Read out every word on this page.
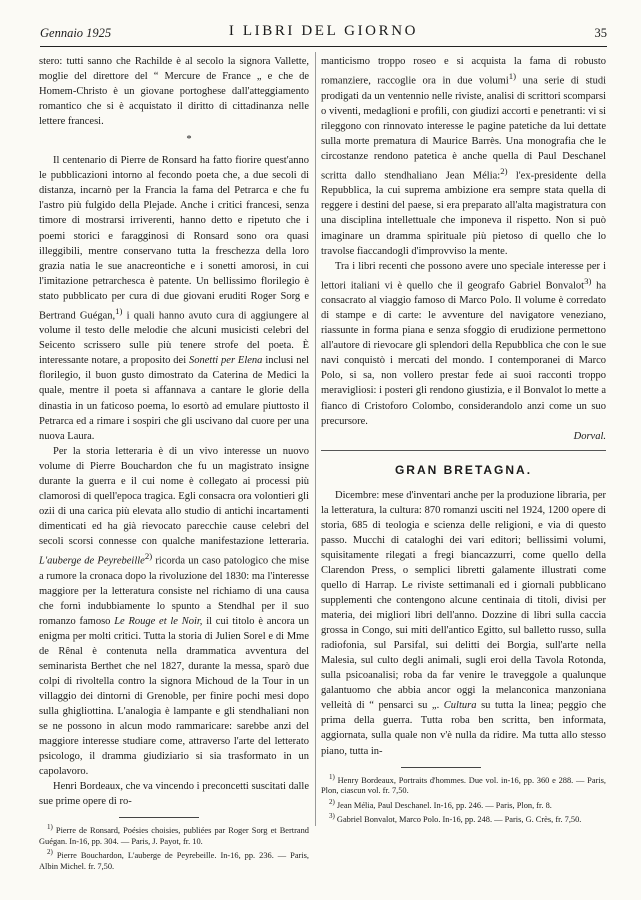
Gennaio 1925	I LIBRI DEL GIORNO	35

stero: tutti sanno che Rachilde è al secolo la signora Vallette, moglie del direttore del “ Mercure de France „ e che de Homem-Christo è un giovane portoghese dall'atteggiamento romantico che si è acquistato il diritto di cittadinanza nelle lettere francesi.

*

Il centenario di Pierre de Ronsard ha fatto fiorire quest'anno le pubblicazioni intorno al fecondo poeta che, a due secoli di distanza, incarnò per la Francia la fama del Petrarca e che fu l'astro più fulgido della Plejade. Anche i critici francesi, senza timore di mostrarsi irriverenti, hanno detto e ripetuto che i poemi storici e faragginosi di Ronsard sono ora quasi illeggibili, mentre conservano tutta la freschezza della loro grazia natia le sue anacreontiche e i sonetti amorosi, in cui l'imitazione petrarchesca è patente. Un bellissimo florilegio è stato pubblicato per cura di due giovani eruditi Roger Sorg e Bertrand Guégan,$^{1)}$ i quali hanno avuto cura di aggiungere al volume il testo delle melodie che alcuni musicisti celebri del Seicento scrissero sulle più tenere strofe del poeta. È interessante notare, a proposito dei Sonetti per Elena inclusi nel florilegio, il buon gusto dimostrato da Caterina de Medici la quale, mentre il poeta si affannava a cantare le glorie della dinastia in un faticoso poema, lo esortò ad emulare piuttosto il Petrarca ed a rimare i sospiri che gli uscivano dal cuore per una nuova Laura.

Per la storia letteraria è di un vivo interesse un nuovo volume di Pierre Bouchardon che fu un magistrato insigne durante la guerra e il cui nome è collegato ai processi più clamorosi di quell'epoca tragica. Egli consacra ora volontieri gli ozii di una carica più elevata allo studio di antichi incartamenti dimenticati ed ha già rievocato parecchie cause celebri del secoli scorsi connesse con qualche manifestazione letteraria. L'auberge de Peyrebeille$^{2)}$ ricorda un caso patologico che mise a rumore la cronaca dopo la rivoluzione del 1830: ma l'interesse maggiore per la letteratura consiste nel richiamo di una causa che fornì indubbiamente lo spunto a Stendhal per il suo romanzo famoso Le Rouge et le Noir, il cui titolo è ancora un enigma per molti critici. Tutta la storia di Julien Sorel e di Mme de Rênal è contenuta nella drammatica avventura del seminarista Berthet che nel 1827, durante la messa, sparò due colpi di rivoltella contro la signora Michoud de la Tour in un villaggio dei dintorni di Grenoble, per finire pochi mesi dopo sulla ghigliottina. L'analogia è lampante e gli stendhaliani non se ne possono in alcun modo rammaricare: sarebbe anzi del maggiore interesse studiare come, attraverso l'arte del letterato psicologo, il dramma giudiziario si sia trasformato in un capolavoro.

Henri Bordeaux, che va vincendo i preconcetti suscitati dalle sue prime opere di ro-

$^{1)}$ Pierre de Ronsard, Poésies choisies, publiées par Roger Sorg et Bertrand Guégan. In-16, pp. 304. — Paris, J. Payot, fr. 10.

$^{2)}$ Pierre Bouchardon, L'auberge de Peyrebeille. In-16, pp. 236. — Paris, Albin Michel. fr. 7,50.

manticismo troppo roseo e si acquista la fama di robusto romanziere, raccoglie ora in due volumi$^{1)}$ una serie di studi prodigati da un ventennio nelle riviste, analisi di scrittori scomparsi o viventi, medaglioni e profili, con giudizi accorti e penetranti: vi si rileggono con rinnovato interesse le pagine patetiche da lui dettate sulla morte prematura di Maurice Barrès. Una monografia che le circostanze rendono patetica è anche quella di Paul Deschanel scritta dallo stendhaliano Jean Mélia:$^{2)}$ l'ex-presidente della Repubblica, la cui suprema ambizione era sempre stata quella di reggere i destini del paese, si era preparato all'alta magistratura con una disciplina intellettuale che imponeva il rispetto. Non si può imaginare un dramma spirituale più pietoso di quello che lo travolse fiaccandogli d'improvviso la mente.

Tra i libri recenti che possono avere uno speciale interesse per i lettori italiani vi è quello che il geografo Gabriel Bonvalot$^{3)}$ ha consacrato al viaggio famoso di Marco Polo. Il volume è corredato di stampe e di carte: le avventure del navigatore veneziano, riassunte in forma piana e senza sfoggio di erudizione permettono all'autore di rievocare gli splendori della Repubblica che con le sue navi conquistò i mercati del mondo. I contemporanei di Marco Polo, si sa, non vollero prestar fede ai suoi racconti troppo meravigliosi: i posteri gli rendono giustizia, e il Bonvalot lo mette a fianco di Cristoforo Colombo, considerandolo anzi come un suo precursore.

Dorval.

GRAN BRETAGNA.

Dicembre: mese d'inventari anche per la produzione libraria, per la letteratura, la cultura: 870 romanzi usciti nel 1924, 1200 opere di storia, 685 di teologia e scienza delle religioni, e via di questo passo. Mucchi di cataloghi dei vari editori; bellissimi volumi, squisitamente rilegati a fregi biancazzurri, come quello della Clarendon Press, o semplici libretti galamente illustrati come quello di Harrap. Le riviste settimanali ed i giornali pubblicano supplementi che contengono alcune centinaia di titoli, divisi per materia, dei migliori libri dell'anno. Dozzine di libri sulla caccia grossa in Congo, sui miti dell'antico Egitto, sul balletto russo, sulla radiofonia, sul Parsifal, sui delitti dei Borgia, sull'arte nella Malesia, sul culto degli animali, sugli eroi della Tavola Rotonda, sulla psicoanalisi; roba da far venire le traveggole a qualunque galantuomo che abbia ancor oggi la melanconica manzoniana velleità di “ pensarci su „. Cultura su tutta la linea; peggio che prima della guerra. Tutta roba ben scritta, ben informata, aggiornata, sulla quale non v'è nulla da ridire. Ma tutta allo stesso piano, tutta in-

$^{1)}$ Henry Bordeaux, Portraits d'hommes. Due vol. in-16, pp. 360 e 288. — Paris, Plon, ciascun vol. fr. 7,50.

$^{2)}$ Jean Mélia, Paul Deschanel. In-16, pp. 246. — Paris, Plon, fr. 8.

$^{3)}$ Gabriel Bonvalot, Marco Polo. In-16, pp. 248. — Paris, G. Crès, fr. 7,50.
